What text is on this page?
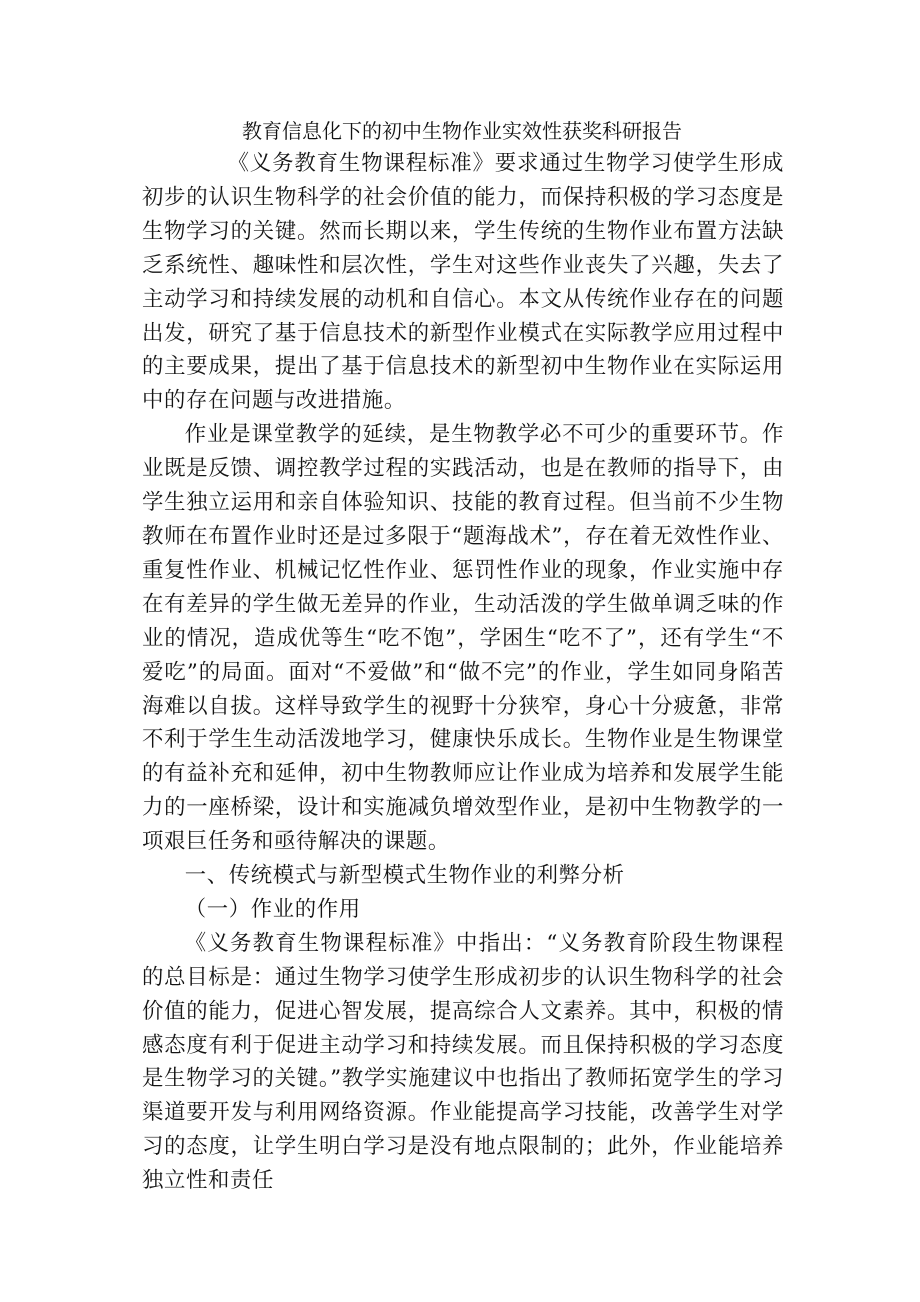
教育信息化下的初中生物作业实效性获奖科研报告

《义务教育生物课程标准》要求通过生物学习使学生形成初步的认识生物科学的社会价值的能力，而保持积极的学习态度是生物学习的关键。然而长期以来，学生传统的生物作业布置方法缺乏系统性、趣味性和层次性，学生对这些作业丧失了兴趣，失去了主动学习和持续发展的动机和自信心。本文从传统作业存在的问题出发，研究了基于信息技术的新型作业模式在实际教学应用过程中的主要成果，提出了基于信息技术的新型初中生物作业在实际运用中的存在问题与改进措施。

作业是课堂教学的延续，是生物教学必不可少的重要环节。作业既是反馈、调控教学过程的实践活动，也是在教师的指导下，由学生独立运用和亲自体验知识、技能的教育过程。但当前不少生物教师在布置作业时还是过多限于“题海战术”，存在着无效性作业、重复性作业、机械记忆性作业、惩罚性作业的现象，作业实施中存在有差异的学生做无差异的作业，生动活泼的学生做单调乏味的作业的情况，造成优等生“吃不饱”，学困生“吃不了”，还有学生“不爱吃”的局面。面对“不爱做”和“做不完”的作业，学生如同身陷苦海难以自拔。这样导致学生的视野十分狭窄，身心十分疲惫，非常不利于学生生动活泼地学习，健康快乐成长。生物作业是生物课堂的有益补充和延伸，初中生物教师应让作业成为培养和发展学生能力的一座桥梁，设计和实施减负增效型作业，是初中生物教学的一项艰巨任务和亟待解决的课题。

一、传统模式与新型模式生物作业的利弊分析

（一）作业的作用

《义务教育生物课程标准》中指出：“义务教育阶段生物课程的总目标是：通过生物学习使学生形成初步的认识生物科学的社会价值的能力，促进心智发展，提高综合人文素养。其中，积极的情感态度有利于促进主动学习和持续发展。而且保持积极的学习态度是生物学习的关键。”教学实施建议中也指出了教师拓宽学生的学习渠道要开发与利用网络资源。作业能提高学习技能，改善学生对学习的态度，让学生明白学习是没有地点限制的；此外，作业能培养独立性和责任
